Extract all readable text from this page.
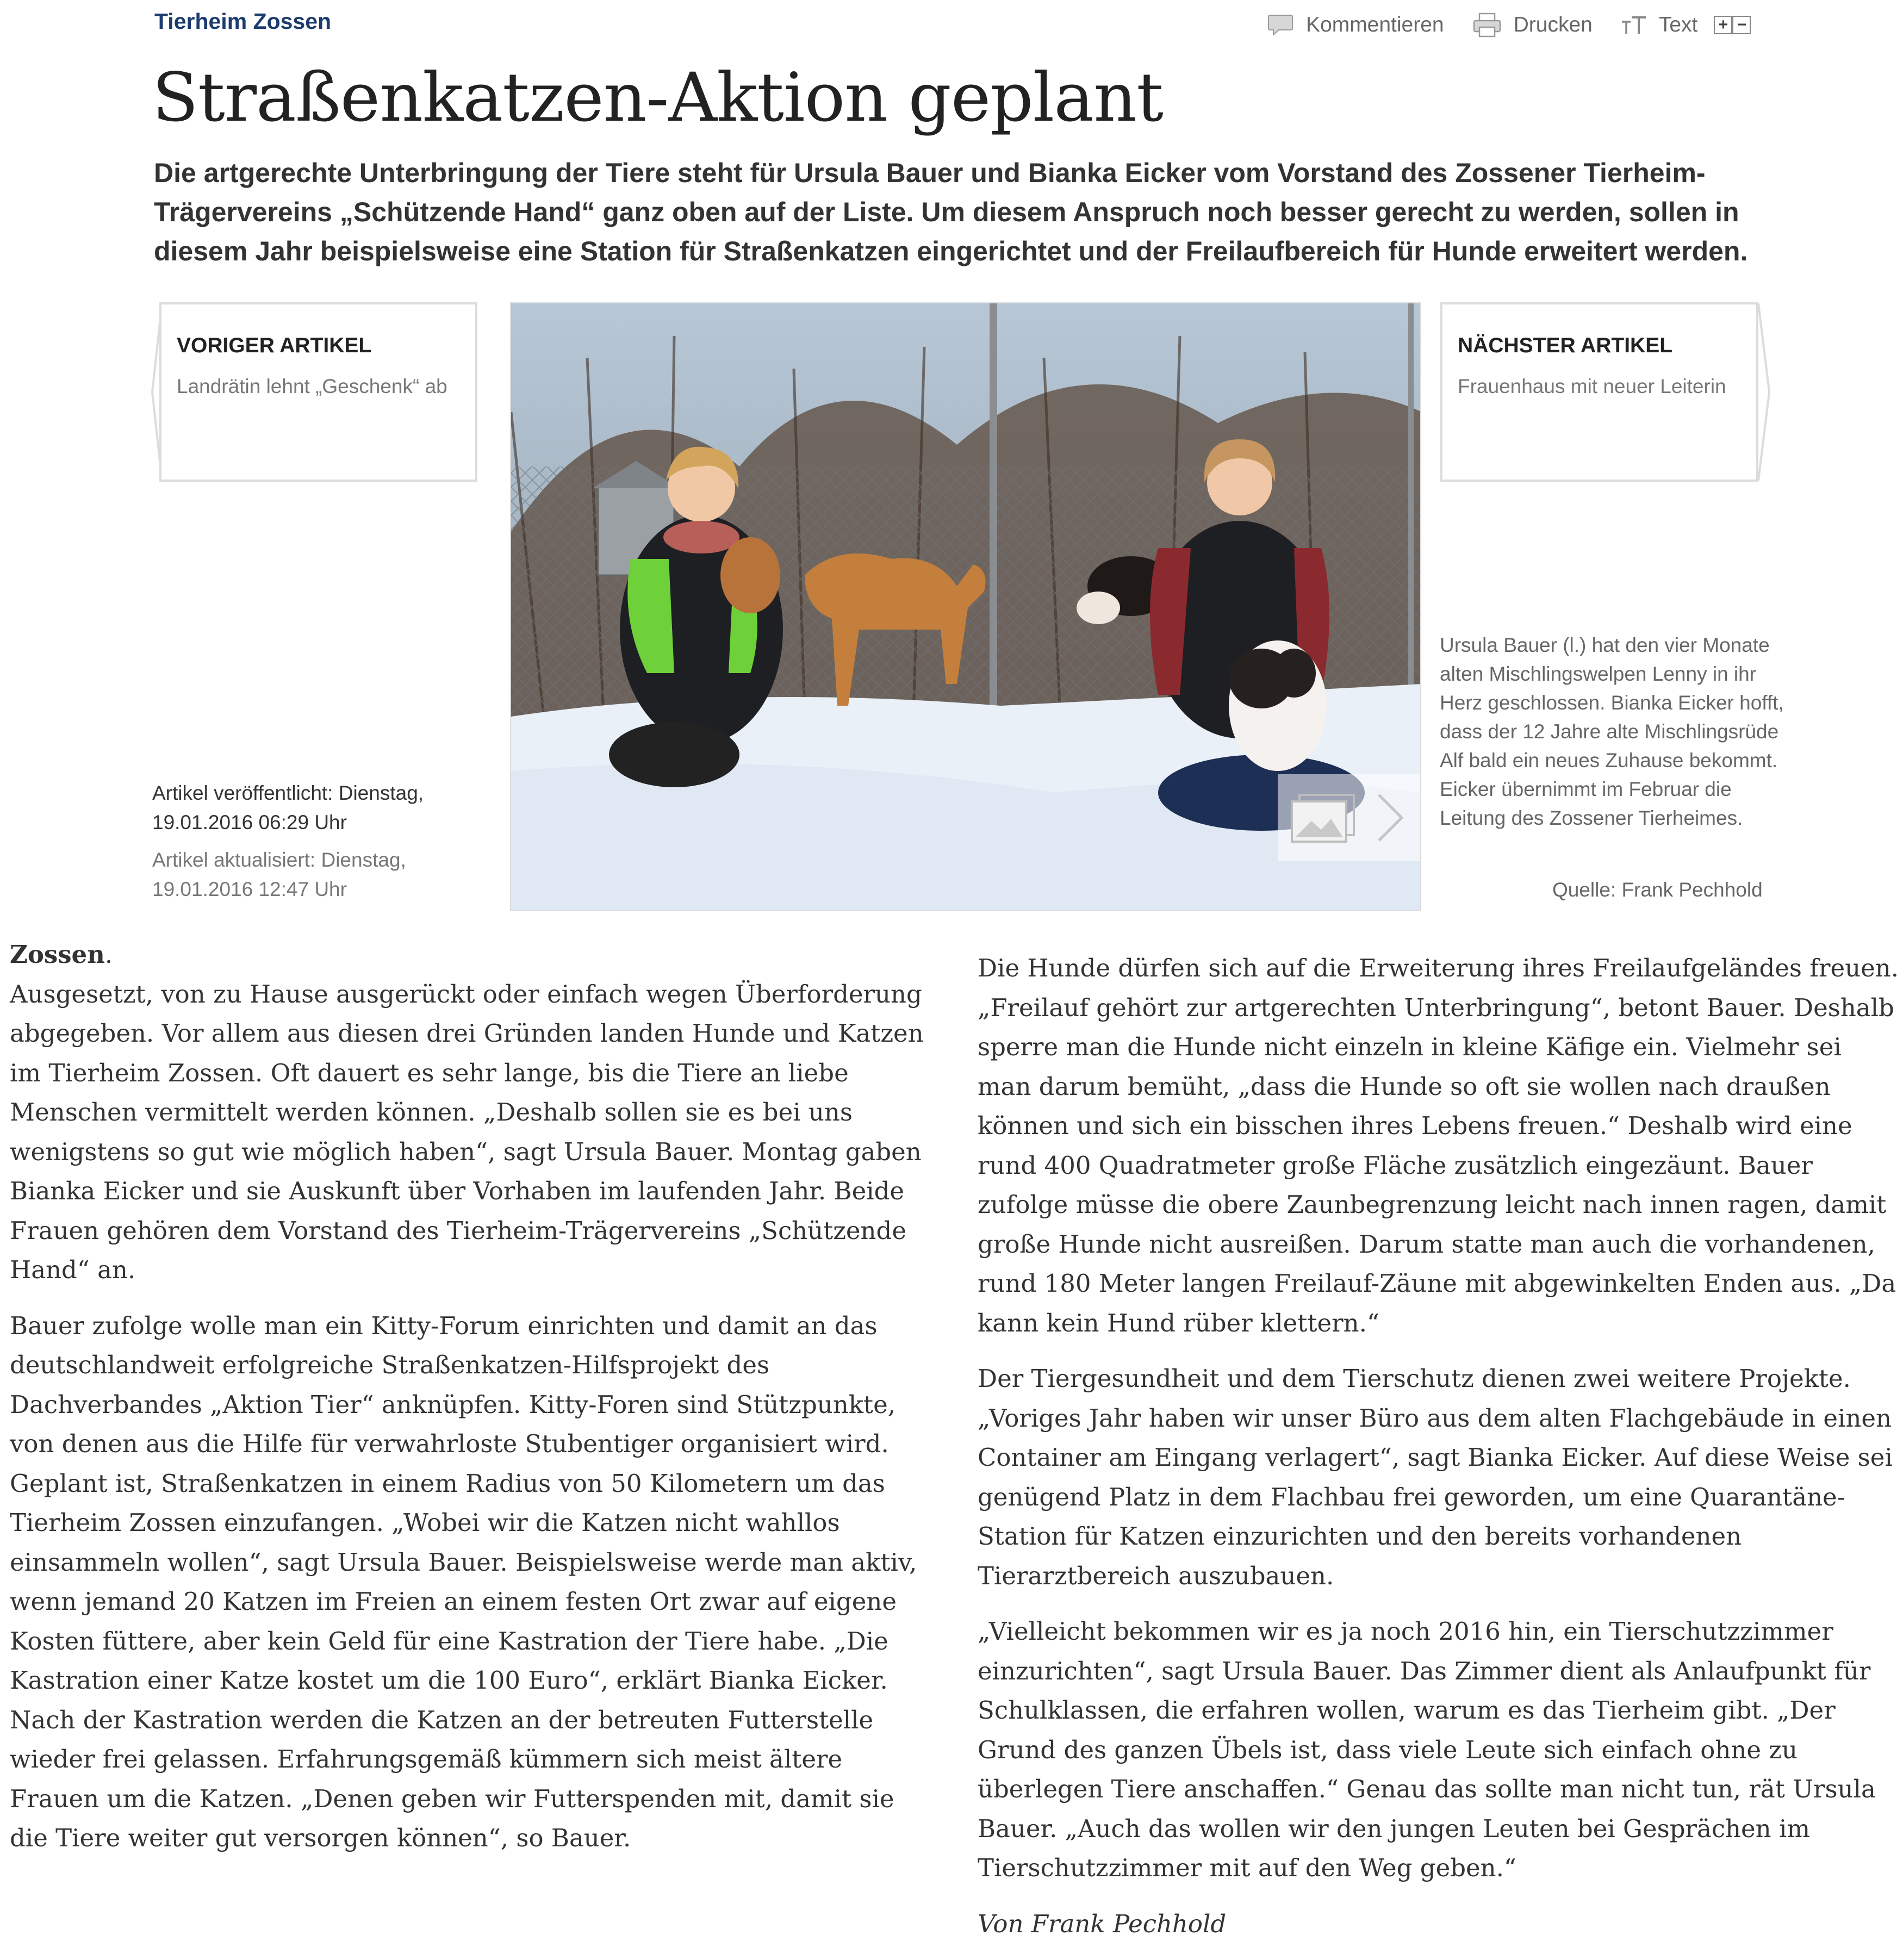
Tierheim Zossen	Kommentieren	Drucken	Text + −
Straßenkatzen-Aktion geplant
Die artgerechte Unterbringung der Tiere steht für Ursula Bauer und Bianka Eicker vom Vorstand des Zossener Tierheim-Trägervereins „Schützende Hand“ ganz oben auf der Liste. Um diesem Anspruch noch besser gerecht zu werden, sollen in diesem Jahr beispielsweise eine Station für Straßenkatzen eingerichtet und der Freilaufbereich für Hunde erweitert werden.
VORIGER ARTIKEL
Landrätin lehnt „Geschenk“ ab
NÄCHSTER ARTIKEL
Frauenhaus mit neuer Leiterin
Artikel veröffentlicht: Dienstag, 19.01.2016 06:29 Uhr
Artikel aktualisiert: Dienstag, 19.01.2016 12:47 Uhr
Ursula Bauer (l.) hat den vier Monate alten Mischlingswelpen Lenny in ihr Herz geschlossen. Bianka Eicker hofft, dass der 12 Jahre alte Mischlingsrüde Alf bald ein neues Zuhause bekommt. Eicker übernimmt im Februar die Leitung des Zossener Tierheimes.
Quelle: Frank Pechhold
Zossen.

Ausgesetzt, von zu Hause ausgerückt oder einfach wegen Überforderung abgegeben. Vor allem aus diesen drei Gründen landen Hunde und Katzen im Tierheim Zossen. Oft dauert es sehr lange, bis die Tiere an liebe Menschen vermittelt werden können. „Deshalb sollen sie es bei uns wenigstens so gut wie möglich haben“, sagt Ursula Bauer. Montag gaben Bianka Eicker und sie Auskunft über Vorhaben im laufenden Jahr. Beide Frauen gehören dem Vorstand des Tierheim-Trägervereins „Schützende Hand“ an.

Bauer zufolge wolle man ein Kitty-Forum einrichten und damit an das deutschlandweit erfolgreiche Straßenkatzen-Hilfsprojekt des Dachverbandes „Aktion Tier“ anknüpfen. Kitty-Foren sind Stützpunkte, von denen aus die Hilfe für verwahrloste Stubentiger organisiert wird. Geplant ist, Straßenkatzen in einem Radius von 50 Kilometern um das Tierheim Zossen einzufangen. „Wobei wir die Katzen nicht wahllos einsammeln wollen“, sagt Ursula Bauer. Beispielsweise werde man aktiv, wenn jemand 20 Katzen im Freien an einem festen Ort zwar auf eigene Kosten füttere, aber kein Geld für eine Kastration der Tiere habe. „Die Kastration einer Katze kostet um die 100 Euro“, erklärt Bianka Eicker. Nach der Kastration werden die Katzen an der betreuten Futterstelle wieder frei gelassen. Erfahrungsgemäß kümmern sich meist ältere Frauen um die Katzen. „Denen geben wir Futterspenden mit, damit sie die Tiere weiter gut versorgen können“, so Bauer.

Die Hunde dürfen sich auf die Erweiterung ihres Freilaufgeländes freuen. „Freilauf gehört zur artgerechten Unterbringung“, betont Bauer. Deshalb sperre man die Hunde nicht einzeln in kleine Käfige ein. Vielmehr sei man darum bemüht, „dass die Hunde so oft sie wollen nach draußen können und sich ein bisschen ihres Lebens freuen.“ Deshalb wird eine rund 400 Quadratmeter große Fläche zusätzlich eingezäunt. Bauer zufolge müsse die obere Zaunbegrenzung leicht nach innen ragen, damit große Hunde nicht ausreißen. Darum statte man auch die vorhandenen, rund 180 Meter langen Freilauf-Zäune mit abgewinkelten Enden aus. „Da kann kein Hund rüber klettern.“

Der Tiergesundheit und dem Tierschutz dienen zwei weitere Projekte. „Voriges Jahr haben wir unser Büro aus dem alten Flachgebäude in einen Container am Eingang verlagert“, sagt Bianka Eicker. Auf diese Weise sei genügend Platz in dem Flachbau frei geworden, um eine Quarantäne-Station für Katzen einzurichten und den bereits vorhandenen Tierarztbereich auszubauen.

„Vielleicht bekommen wir es ja noch 2016 hin, ein Tierschutzzimmer einzurichten“, sagt Ursula Bauer. Das Zimmer dient als Anlaufpunkt für Schulklassen, die erfahren wollen, warum es das Tierheim gibt. „Der Grund des ganzen Übels ist, dass viele Leute sich einfach ohne zu überlegen Tiere anschaffen.“ Genau das sollte man nicht tun, rät Ursula Bauer. „Auch das wollen wir den jungen Leuten bei Gesprächen im Tierschutzzimmer mit auf den Weg geben.“

Von Frank Pechhold
